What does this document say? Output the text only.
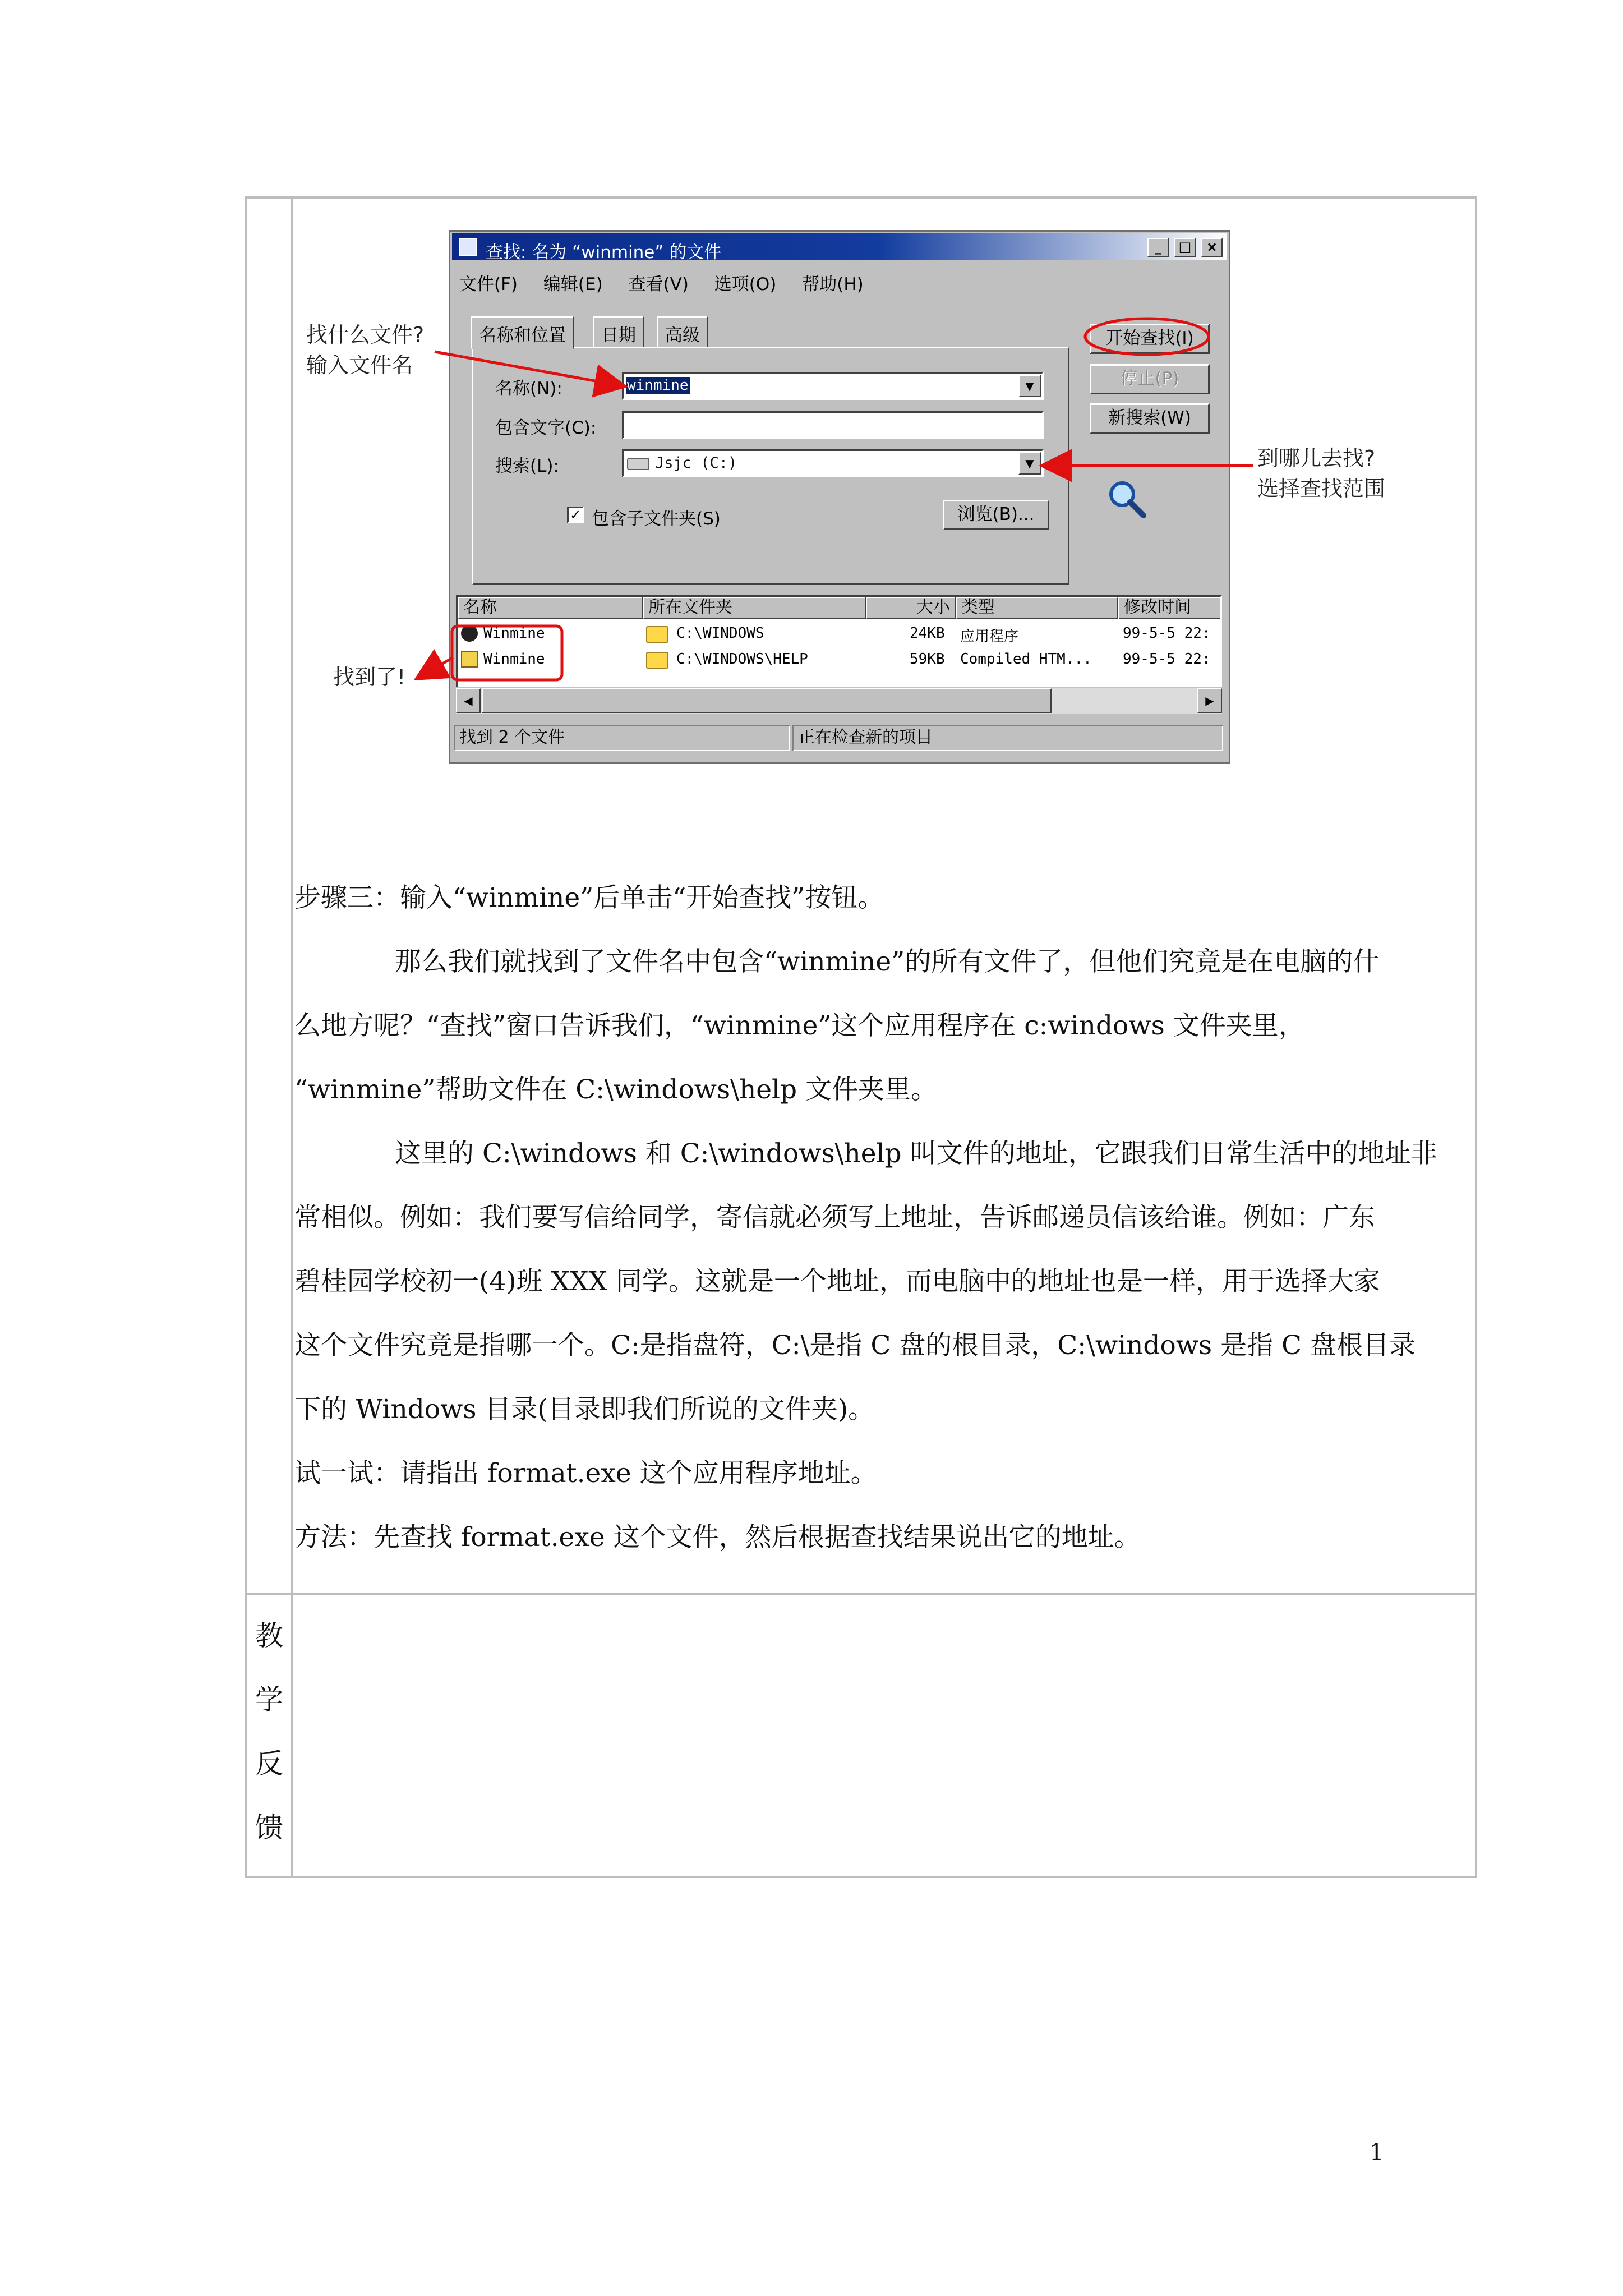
查找: 名为 “winmine” 的文件	_	□	×
文件(F) 编辑(E) 查看(V) 选项(O) 帮助(H)
名称和位置	日期	高级
名称(N):	winmine	▼
包含文字(C):
搜索(L):	Jsjc (C:)	▼
✓ 包含子文件夹(S)	浏览(B)...
开始查找(I)
停止(P)
新搜索(W)
名称	所在文件夹	大小 类型	修改时间
Winmine	C:\WINDOWS	24KB 应用程序	99-5-5 22:
Winmine	C:\WINDOWS\HELP	59KB Compiled HTM... 99-5-5 22:
◀	▶
找到 2 个文件	正在检查新的项目
找什么文件?
输入文件名
到哪儿去找?
选择查找范围
找到了!
步骤三：输入“winmine”后单击“开始查找”按钮。
那么我们就找到了文件名中包含“winmine”的所有文件了，但他们究竟是在电脑的什
么地方呢？“查找”窗口告诉我们，“winmine”这个应用程序在 c:windows 文件夹里，
“winmine”帮助文件在 C:\windows\help 文件夹里。
这里的 C:\windows 和 C:\windows\help 叫文件的地址，它跟我们日常生活中的地址非
常相似。例如：我们要写信给同学，寄信就必须写上地址，告诉邮递员信该给谁。例如：广东
碧桂园学校初一(4)班 XXX 同学。这就是一个地址，而电脑中的地址也是一样，用于选择大家
这个文件究竟是指哪一个。C:是指盘符，C:\是指 C 盘的根目录，C:\windows 是指 C 盘根目录
下的 Windows 目录(目录即我们所说的文件夹)。
试一试：请指出 format.exe 这个应用程序地址。
方法：先查找 format.exe 这个文件，然后根据查找结果说出它的地址。
教
学
反
馈
1
